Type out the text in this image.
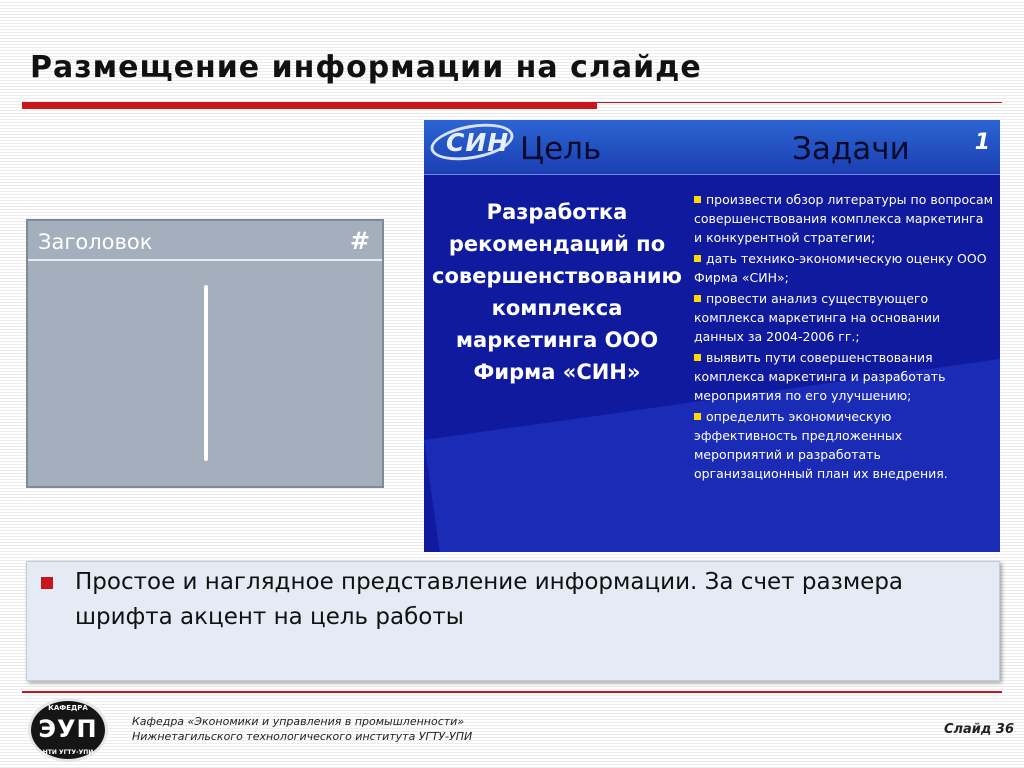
Размещение информации на слайде
Заголовок	#
СИН Цель	Задачи	1
Разработка рекомендаций по совершенствованию комплекса маркетинга ООО Фирма «СИН»
произвести обзор литературы по вопросам совершенствования комплекса маркетинга и конкурентной стратегии;
дать технико-экономическую оценку ООО Фирма «СИН»;
провести анализ существующего комплекса маркетинга на основании данных за 2004-2006 гг.;
выявить пути совершенствования комплекса маркетинга и разработать мероприятия по его улучшению;
определить экономическую эффективность предложенных мероприятий и разработать организационный план их внедрения.
Простое и наглядное представление информации. За счет размера шрифта акцент на цель работы
КАФЕДРА
ЭУП
НТИ УГТУ-УПИ
Кафедра «Экономики и управления в промышленности»
Нижнетагильского технологического института УГТУ-УПИ	Слайд 36
